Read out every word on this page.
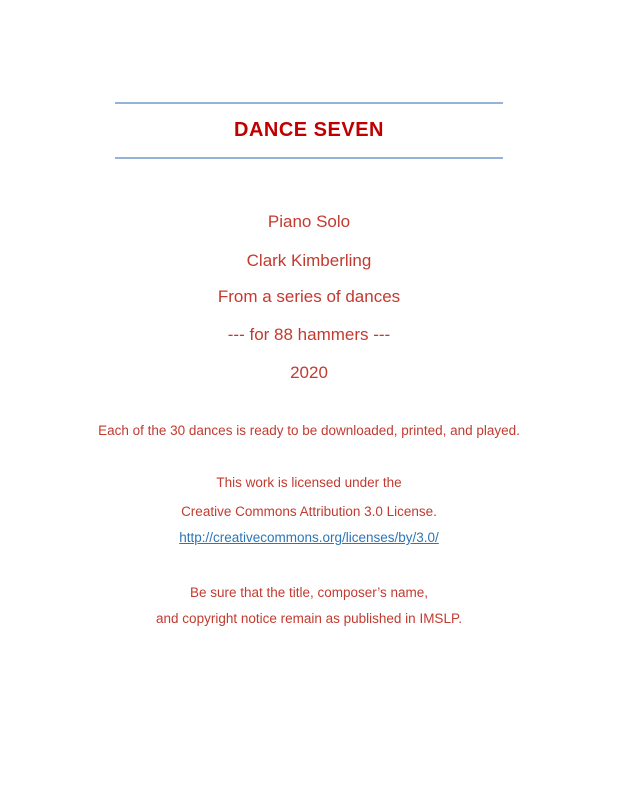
DANCE SEVEN
Piano Solo
Clark Kimberling
From a series of dances
--- for 88 hammers ---
2020
Each of the 30 dances is ready to be downloaded, printed, and played.
This work is licensed under the
Creative Commons Attribution 3.0 License.
http://creativecommons.org/licenses/by/3.0/
Be sure that the title, composer’s name,
and copyright notice remain as published in IMSLP.
